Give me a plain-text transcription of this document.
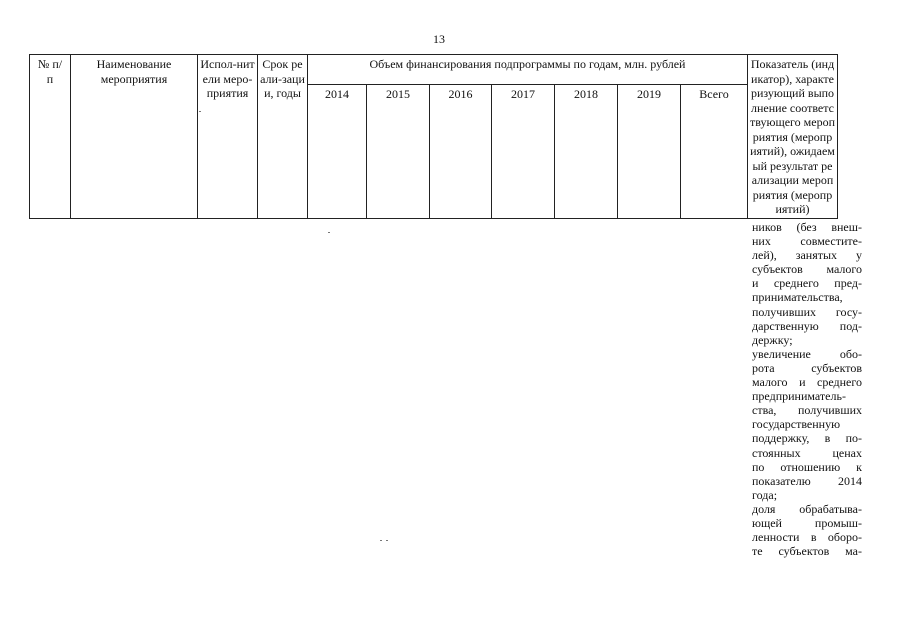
13
№ п/п	Наименование мероприятия	Испол-нители меро-приятия	Срок реали-зации, годы	Объем финансирования подпрограммы по годам, млн. рублей							Показатель (индикатор), характеризующий выполнение соответствующего мероприятия (мероприятий), ожидаемый результат реализации мероприятия (мероприятий)
				2014	2015	2016	2017	2018	2019	Всего	
ников (без внеш-
них совместите-
лей), занятых у
субъектов малого
и среднего пред-
принимательства,
получивших госу-
дарственную под-
держку;
увеличение обо-
рота субъектов
малого и среднего
предприниматель-
ства, получивших
государственную
поддержку, в по-
стоянных ценах
по отношению к
показателю 2014
года;
доля обрабатыва-
ющей промыш-
ленности в оборо-
те субъектов ма-
